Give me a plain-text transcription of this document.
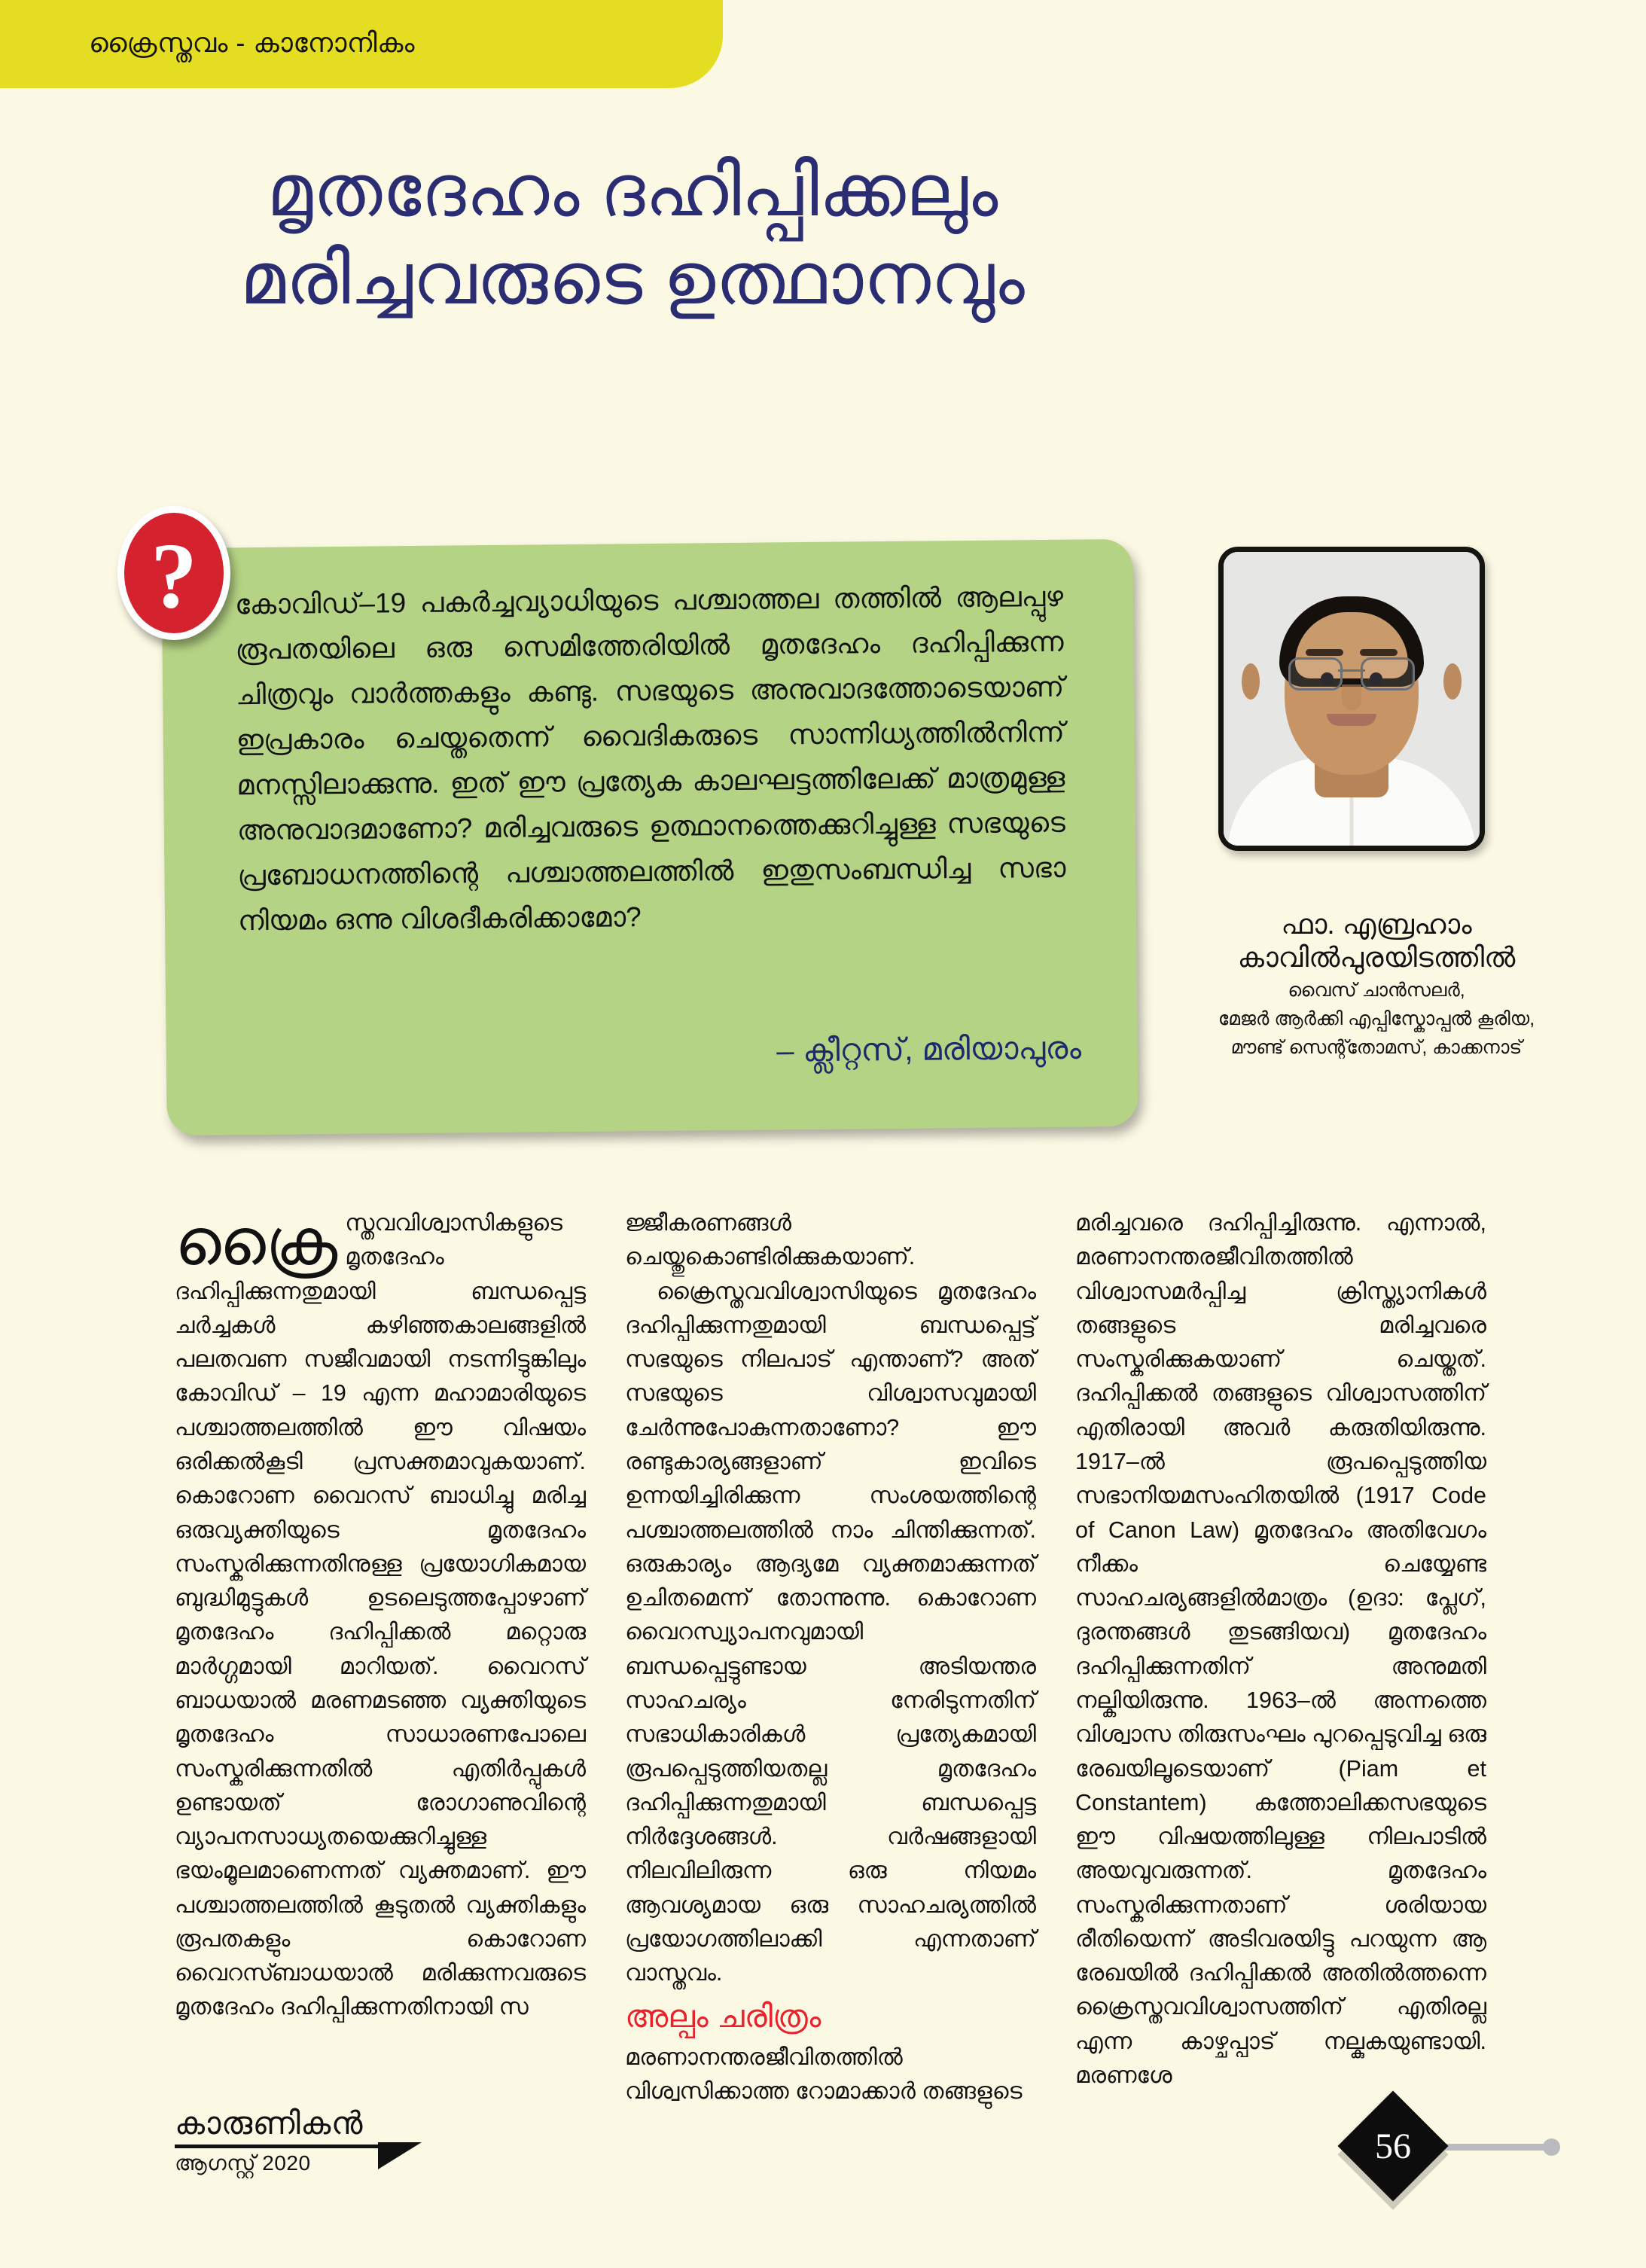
ക്രൈസ്തവം - കാനോനികം
മൃതദേഹം ദഹിപ്പിക്കലും
മരിച്ചവരുടെ ഉത്ഥാനവും
കോവിഡ്–19 പകർച്ചവ്യാധിയുടെ പശ്ചാത്തല തത്തിൽ ആലപ്പുഴ രൂപതയിലെ ഒരു സെമിത്തേരിയിൽ മൃതദേഹം ദഹിപ്പിക്കുന്ന ചിത്രവും വാർത്തകളും കണ്ടു. സഭയുടെ അനുവാദത്തോടെയാണ് ഇപ്രകാരം ചെയ്തതെന്ന് വൈദികരുടെ സാന്നിധ്യത്തിൽനിന്ന് മനസ്സിലാക്കുന്നു. ഇത് ഈ പ്രത്യേക കാലഘട്ടത്തിലേക്ക് മാത്രമുള്ള അനുവാദമാണോ? മരിച്ചവരുടെ ഉത്ഥാനത്തെക്കുറിച്ചുള്ള സഭയുടെ പ്രബോധനത്തിന്റെ പശ്ചാത്തലത്തിൽ ഇതുസംബന്ധിച്ച സഭാ നിയമം ഒന്നു വിശദീകരിക്കാമോ?
– ക്ലീറ്റസ്, മരിയാപുരം
?
ഫാ. എബ്രഹാം
കാവിൽപുരയിടത്തിൽ
വൈസ് ചാൻസലർ,
മേജർ ആർക്കി എപ്പിസ്കോപ്പൽ കൂരിയ,
മൗണ്ട് സെന്റ്തോമസ്, കാക്കനാട്

ക്രൈ സ്തവവിശ്വാസികളുടെ മൃതദേഹം ദഹിപ്പിക്കുന്നതുമായി ബന്ധപ്പെട്ട ചർച്ചകൾ കഴിഞ്ഞകാലങ്ങളിൽ പലതവണ സജീവമായി നടന്നിട്ടുങ്കിലും കോവിഡ് – 19 എന്ന മഹാമാരിയുടെ പശ്ചാത്തലത്തിൽ ഈ വിഷയം ഒരിക്കൽകൂടി പ്രസക്തമാവുകയാണ്. കൊറോണ വൈറസ് ബാധിച്ചു മരിച്ച ഒരുവ്യക്തിയുടെ മൃതദേഹം സംസ്കരിക്കുന്നതിനുള്ള പ്രയോഗികമായ ബുദ്ധിമുട്ടുകൾ ഉടലെടുത്തപ്പോഴാണ് മൃതദേഹം ദഹിപ്പിക്കൽ മറ്റൊരു മാർഗ്ഗമായി മാറിയത്. വൈറസ് ബാധയാൽ മരണമടഞ്ഞ വ്യക്തിയുടെ മൃതദേഹം സാധാരണപോലെ സംസ്കരിക്കുന്നതിൽ എതിർപ്പുകൾ ഉണ്ടായത് രോഗാണുവിന്റെ വ്യാപനസാധ്യതയെക്കുറിച്ചുള്ള ഭയംമൂലമാണെന്നത് വ്യക്തമാണ്. ഈ പശ്ചാത്തലത്തിൽ കൂടുതൽ വ്യക്തികളും രൂപതകളും കൊറോണ വൈറസ്ബാധയാൽ മരിക്കുന്നവരുടെ മൃതദേഹം ദഹിപ്പിക്കുന്നതിനായി സ

ജ്ജീകരണങ്ങൾ ചെയ്തുകൊണ്ടിരിക്കുകയാണ്.

ക്രൈസ്തവവിശ്വാസിയുടെ മൃതദേഹം ദഹിപ്പിക്കുന്നതുമായി ബന്ധപ്പെട്ട് സഭയുടെ നിലപാട് എന്താണ്? അത് സഭയുടെ വിശ്വാസവുമായി ചേർന്നുപോകുന്നതാണോ? ഈ രണ്ടുകാര്യങ്ങളാണ് ഇവിടെ ഉന്നയിച്ചിരിക്കുന്ന സംശയത്തിന്റെ പശ്ചാത്തലത്തിൽ നാം ചിന്തിക്കുന്നത്. ഒരുകാര്യം ആദ്യമേ വ്യക്തമാക്കുന്നത് ഉചിതമെന്ന് തോന്നുന്നു. കൊറോണ വൈറസ്വ്യാപനവുമായി ബന്ധപ്പെട്ടുണ്ടായ അടിയന്തര സാഹചര്യം നേരിടുന്നതിന് സഭാധികാരികൾ പ്രത്യേകമായി രൂപപ്പെടുത്തിയതല്ല മൃതദേഹം ദഹിപ്പിക്കുന്നതുമായി ബന്ധപ്പെട്ട നിർദ്ദേശങ്ങൾ. വർഷങ്ങളായി നിലവിലിരുന്ന ഒരു നിയമം ആവശ്യമായ ഒരു സാഹചര്യത്തിൽ പ്രയോഗത്തിലാക്കി എന്നതാണ് വാസ്തവം.

അല്പം ചരിത്രം

മരണാനന്തരജീവിതത്തിൽ വിശ്വസിക്കാത്ത റോമാക്കാർ തങ്ങളുടെ

മരിച്ചവരെ ദഹിപ്പിച്ചിരുന്നു. എന്നാൽ, മരണാനന്തരജീവിതത്തിൽ വിശ്വാസമർപ്പിച്ച ക്രിസ്ത്യാനികൾ തങ്ങളുടെ മരിച്ചവരെ സംസ്കരിക്കുകയാണ് ചെയ്തത്. ദഹിപ്പിക്കൽ തങ്ങളുടെ വിശ്വാസത്തിന് എതിരായി അവർ കരുതിയിരുന്നു. 1917–ൽ രൂപപ്പെടുത്തിയ സഭാനിയമസംഹിതയിൽ (1917 Code of Canon Law) മൃതദേഹം അതിവേഗം നീക്കം ചെയ്യേണ്ട സാഹചര്യങ്ങളിൽമാത്രം (ഉദാ: പ്ലേഗ്, ദുരന്തങ്ങൾ തുടങ്ങിയവ) മൃതദേഹം ദഹിപ്പിക്കുന്നതിന് അനുമതി നല്കിയിരുന്നു. 1963–ൽ അന്നത്തെ വിശ്വാസ തിരുസംഘം പുറപ്പെടുവിച്ച ഒരു രേഖയിലൂടെയാണ് (Piam et Constantem) കത്തോലിക്കസഭയുടെ ഈ വിഷയത്തിലുള്ള നിലപാടിൽ അയവുവരുന്നത്. മൃതദേഹം സംസ്കരിക്കുന്നതാണ് ശരിയായ രീതിയെന്ന് അടിവരയിട്ടു പറയുന്ന ആ രേഖയിൽ ദഹിപ്പിക്കൽ അതിൽത്തന്നെ ക്രൈസ്തവവിശ്വാസത്തിന് എതിരല്ല എന്ന കാഴ്ചപ്പാട് നല്കുകയുണ്ടായി. മരണശേ

കാരുണികൻ
ആഗസ്റ്റ് 2020	56
